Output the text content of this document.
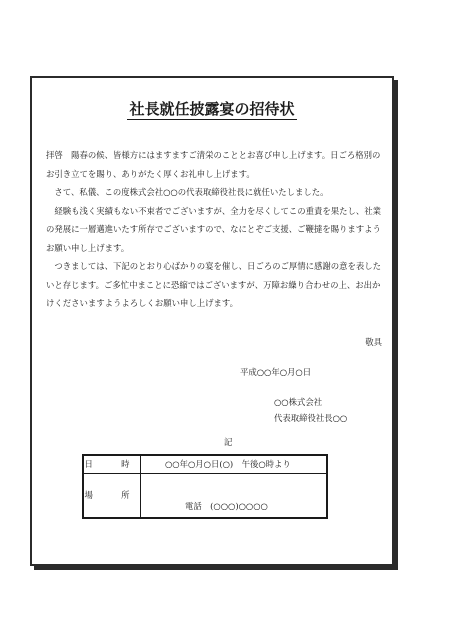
社長就任披露宴の招待状

拝啓　陽春の候、皆様方にはますますご清栄のこととお喜び申し上げます。日ごろ格別のお引き立てを賜り、ありがたく厚くお礼申し上げます。

さて、私儀、この度株式会社○○の代表取締役社長に就任いたしました。

経験も浅く実績もない不束者でございますが、全力を尽くしてこの重責を果たし、社業の発展に一層邁進いたす所存でございますので、なにとぞご支援、ご鞭撻を賜りますようお願い申し上げます。

つきましては、下記のとおり心ばかりの宴を催し、日ごろのご厚情に感謝の意を表したいと存じます。ご多忙中まことに恐縮ではございますが、万障お繰り合わせの上、お出かけくださいますようよろしくお願い申し上げます。

敬具
平成○○年○月○日
○○株式会社
代表取締役社長○○
記
日　時	○○年○月○日(○)　午後○時より
場　所	電話　(○○○)○○○○
